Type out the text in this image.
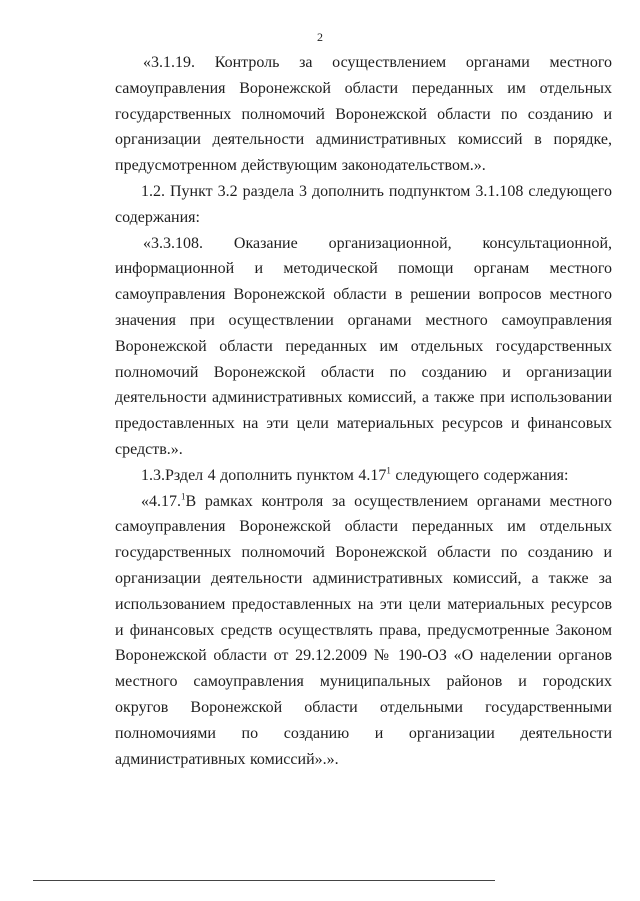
2

«3.1.19. Контроль за осуществлением органами местного самоуправления Воронежской области переданных им отдельных государственных полномочий Воронежской области по созданию и организации деятельности административных комиссий в порядке, предусмотренном действующим законодательством.».

1.2. Пункт 3.2 раздела 3 дополнить подпунктом 3.1.108 следующего содержания:

«3.3.108. Оказание организационной, консультационной, информационной и методической помощи органам местного самоуправления Воронежской области в решении вопросов местного значения при осуществлении органами местного самоуправления Воронежской области переданных им отдельных государственных полномочий Воронежской области по созданию и организации деятельности административных комиссий, а также при использовании предоставленных на эти цели материальных ресурсов и финансовых средств.».

1.3.Рздел 4 дополнить пунктом 4.17$^1$ следующего содержания:

«4.17.$^1$В рамках контроля за осуществлением органами местного самоуправления Воронежской области переданных им отдельных государственных полномочий Воронежской области по созданию и организации деятельности административных комиссий, а также за использованием предоставленных на эти цели материальных ресурсов и финансовых средств осуществлять права, предусмотренные Законом Воронежской области от 29.12.2009 № 190-ОЗ «О наделении органов местного самоуправления муниципальных районов и городских округов Воронежской области отдельными государственными полномочиями по созданию и организации деятельности административных комиссий».».
